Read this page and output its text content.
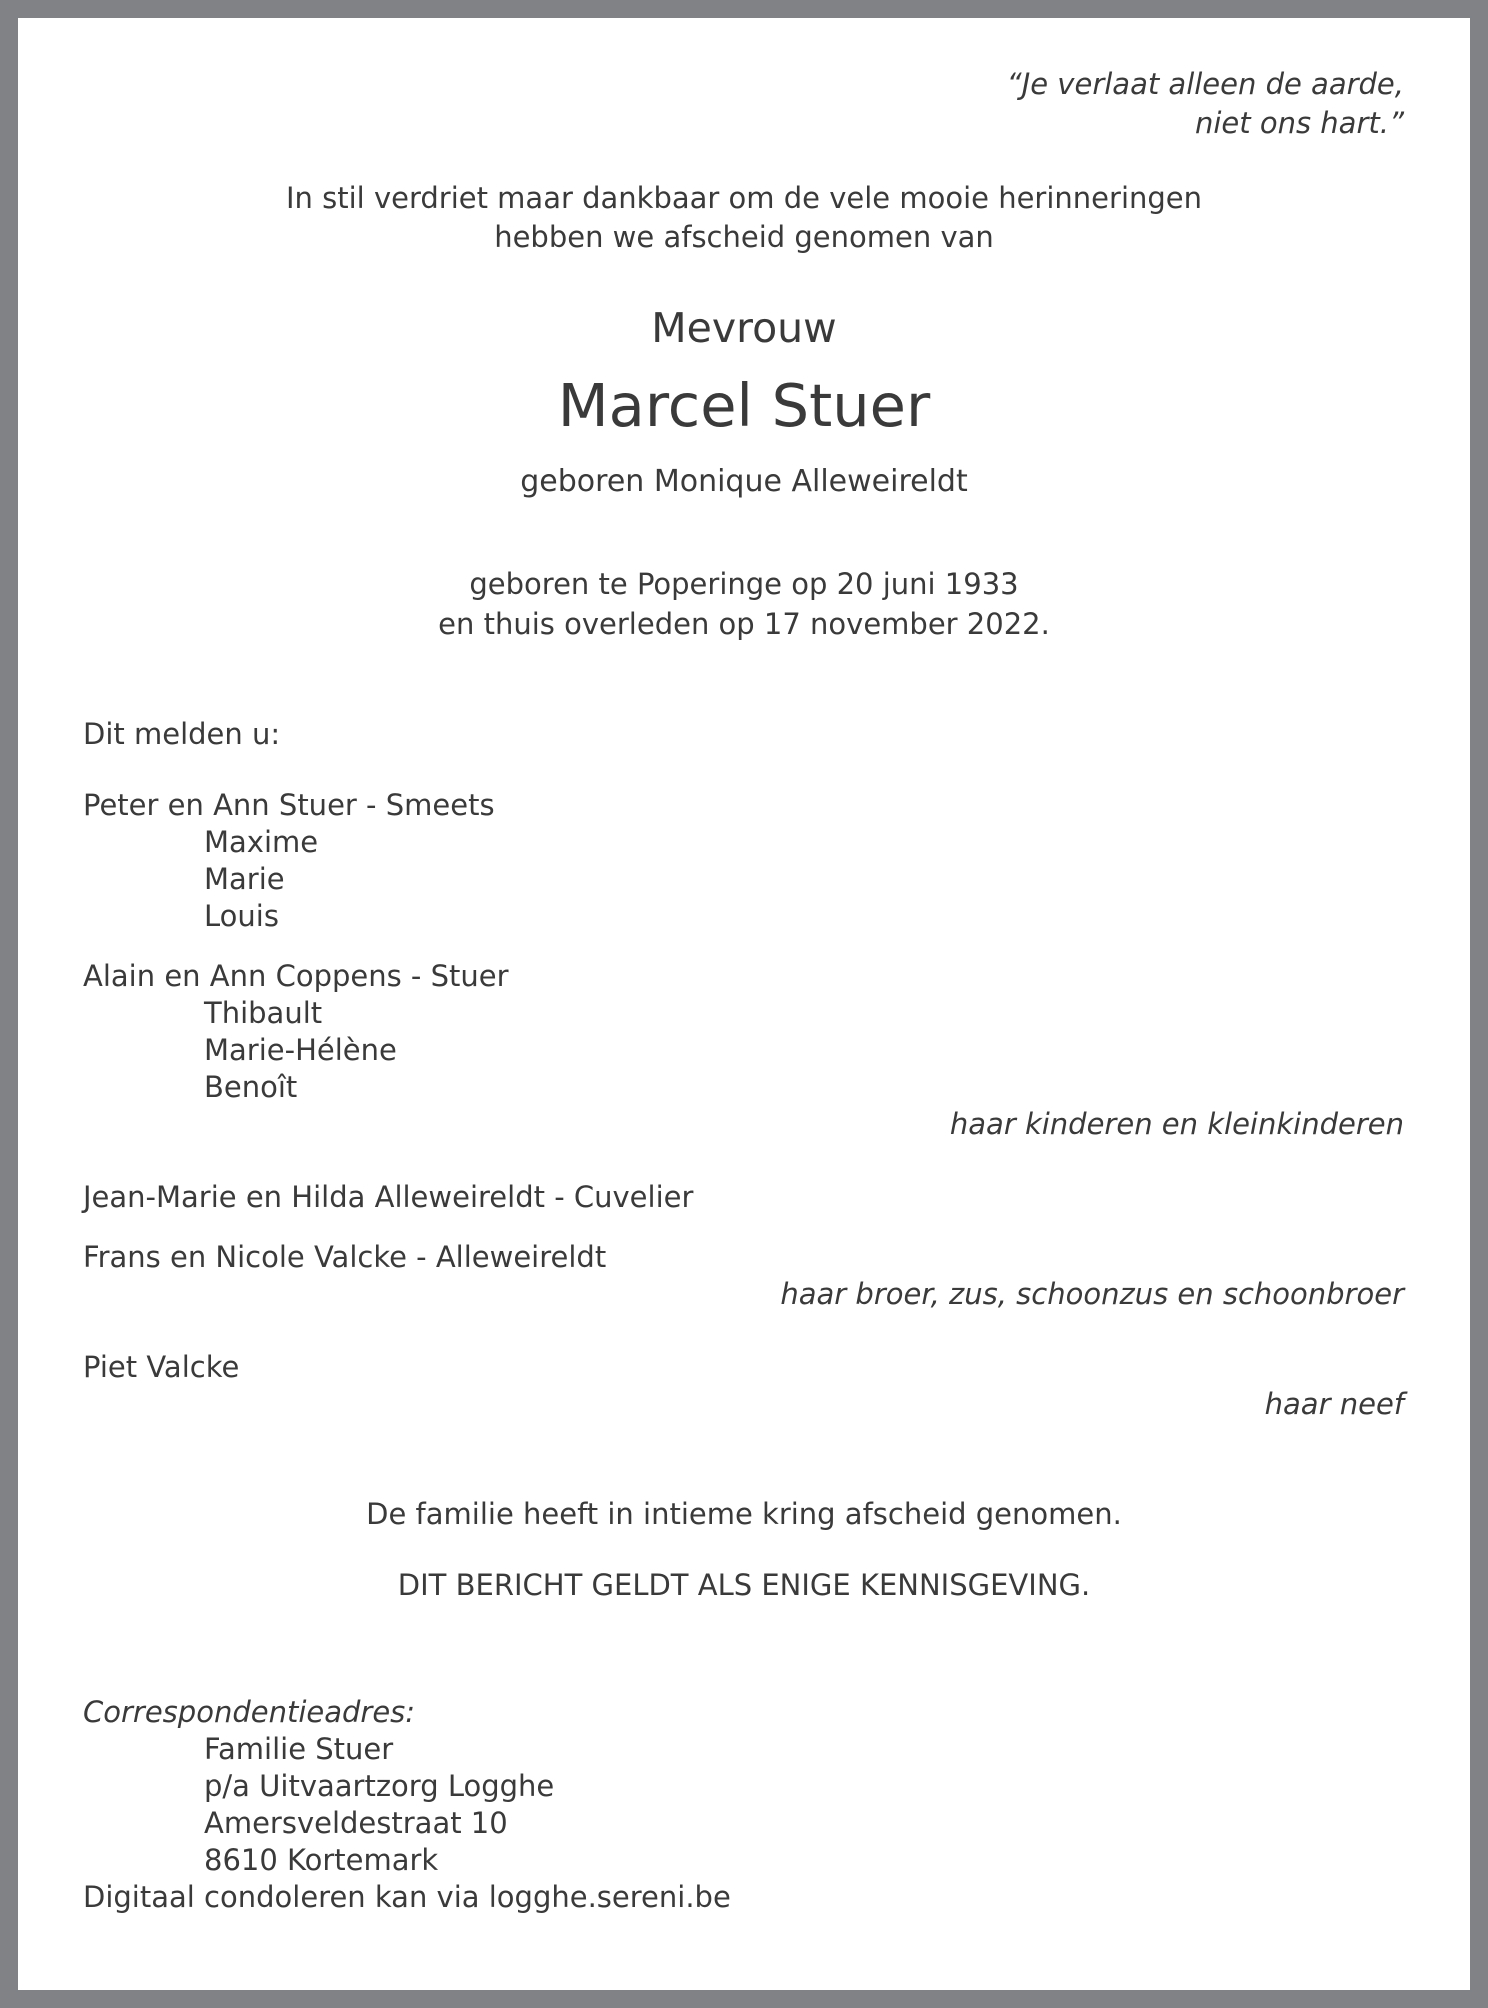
“Je verlaat alleen de aarde,
niet ons hart.”
In stil verdriet maar dankbaar om de vele mooie herinneringen
hebben we afscheid genomen van
Mevrouw
Marcel Stuer
geboren Monique Alleweireldt
geboren te Poperinge op 20 juni 1933
en thuis overleden op 17 november 2022.
Dit melden u:
Peter en Ann Stuer - Smeets
Maxime
Marie
Louis
Alain en Ann Coppens - Stuer
Thibault
Marie-Hélène
Benoît
haar kinderen en kleinkinderen
Jean-Marie en Hilda Alleweireldt - Cuvelier
Frans en Nicole Valcke - Alleweireldt
haar broer, zus, schoonzus en schoonbroer
Piet Valcke
haar neef
De familie heeft in intieme kring afscheid genomen.
DIT BERICHT GELDT ALS ENIGE KENNISGEVING.
Correspondentieadres:
Familie Stuer
p/a Uitvaartzorg Logghe
Amersveldestraat 10
8610 Kortemark
Digitaal condoleren kan via logghe.sereni.be
